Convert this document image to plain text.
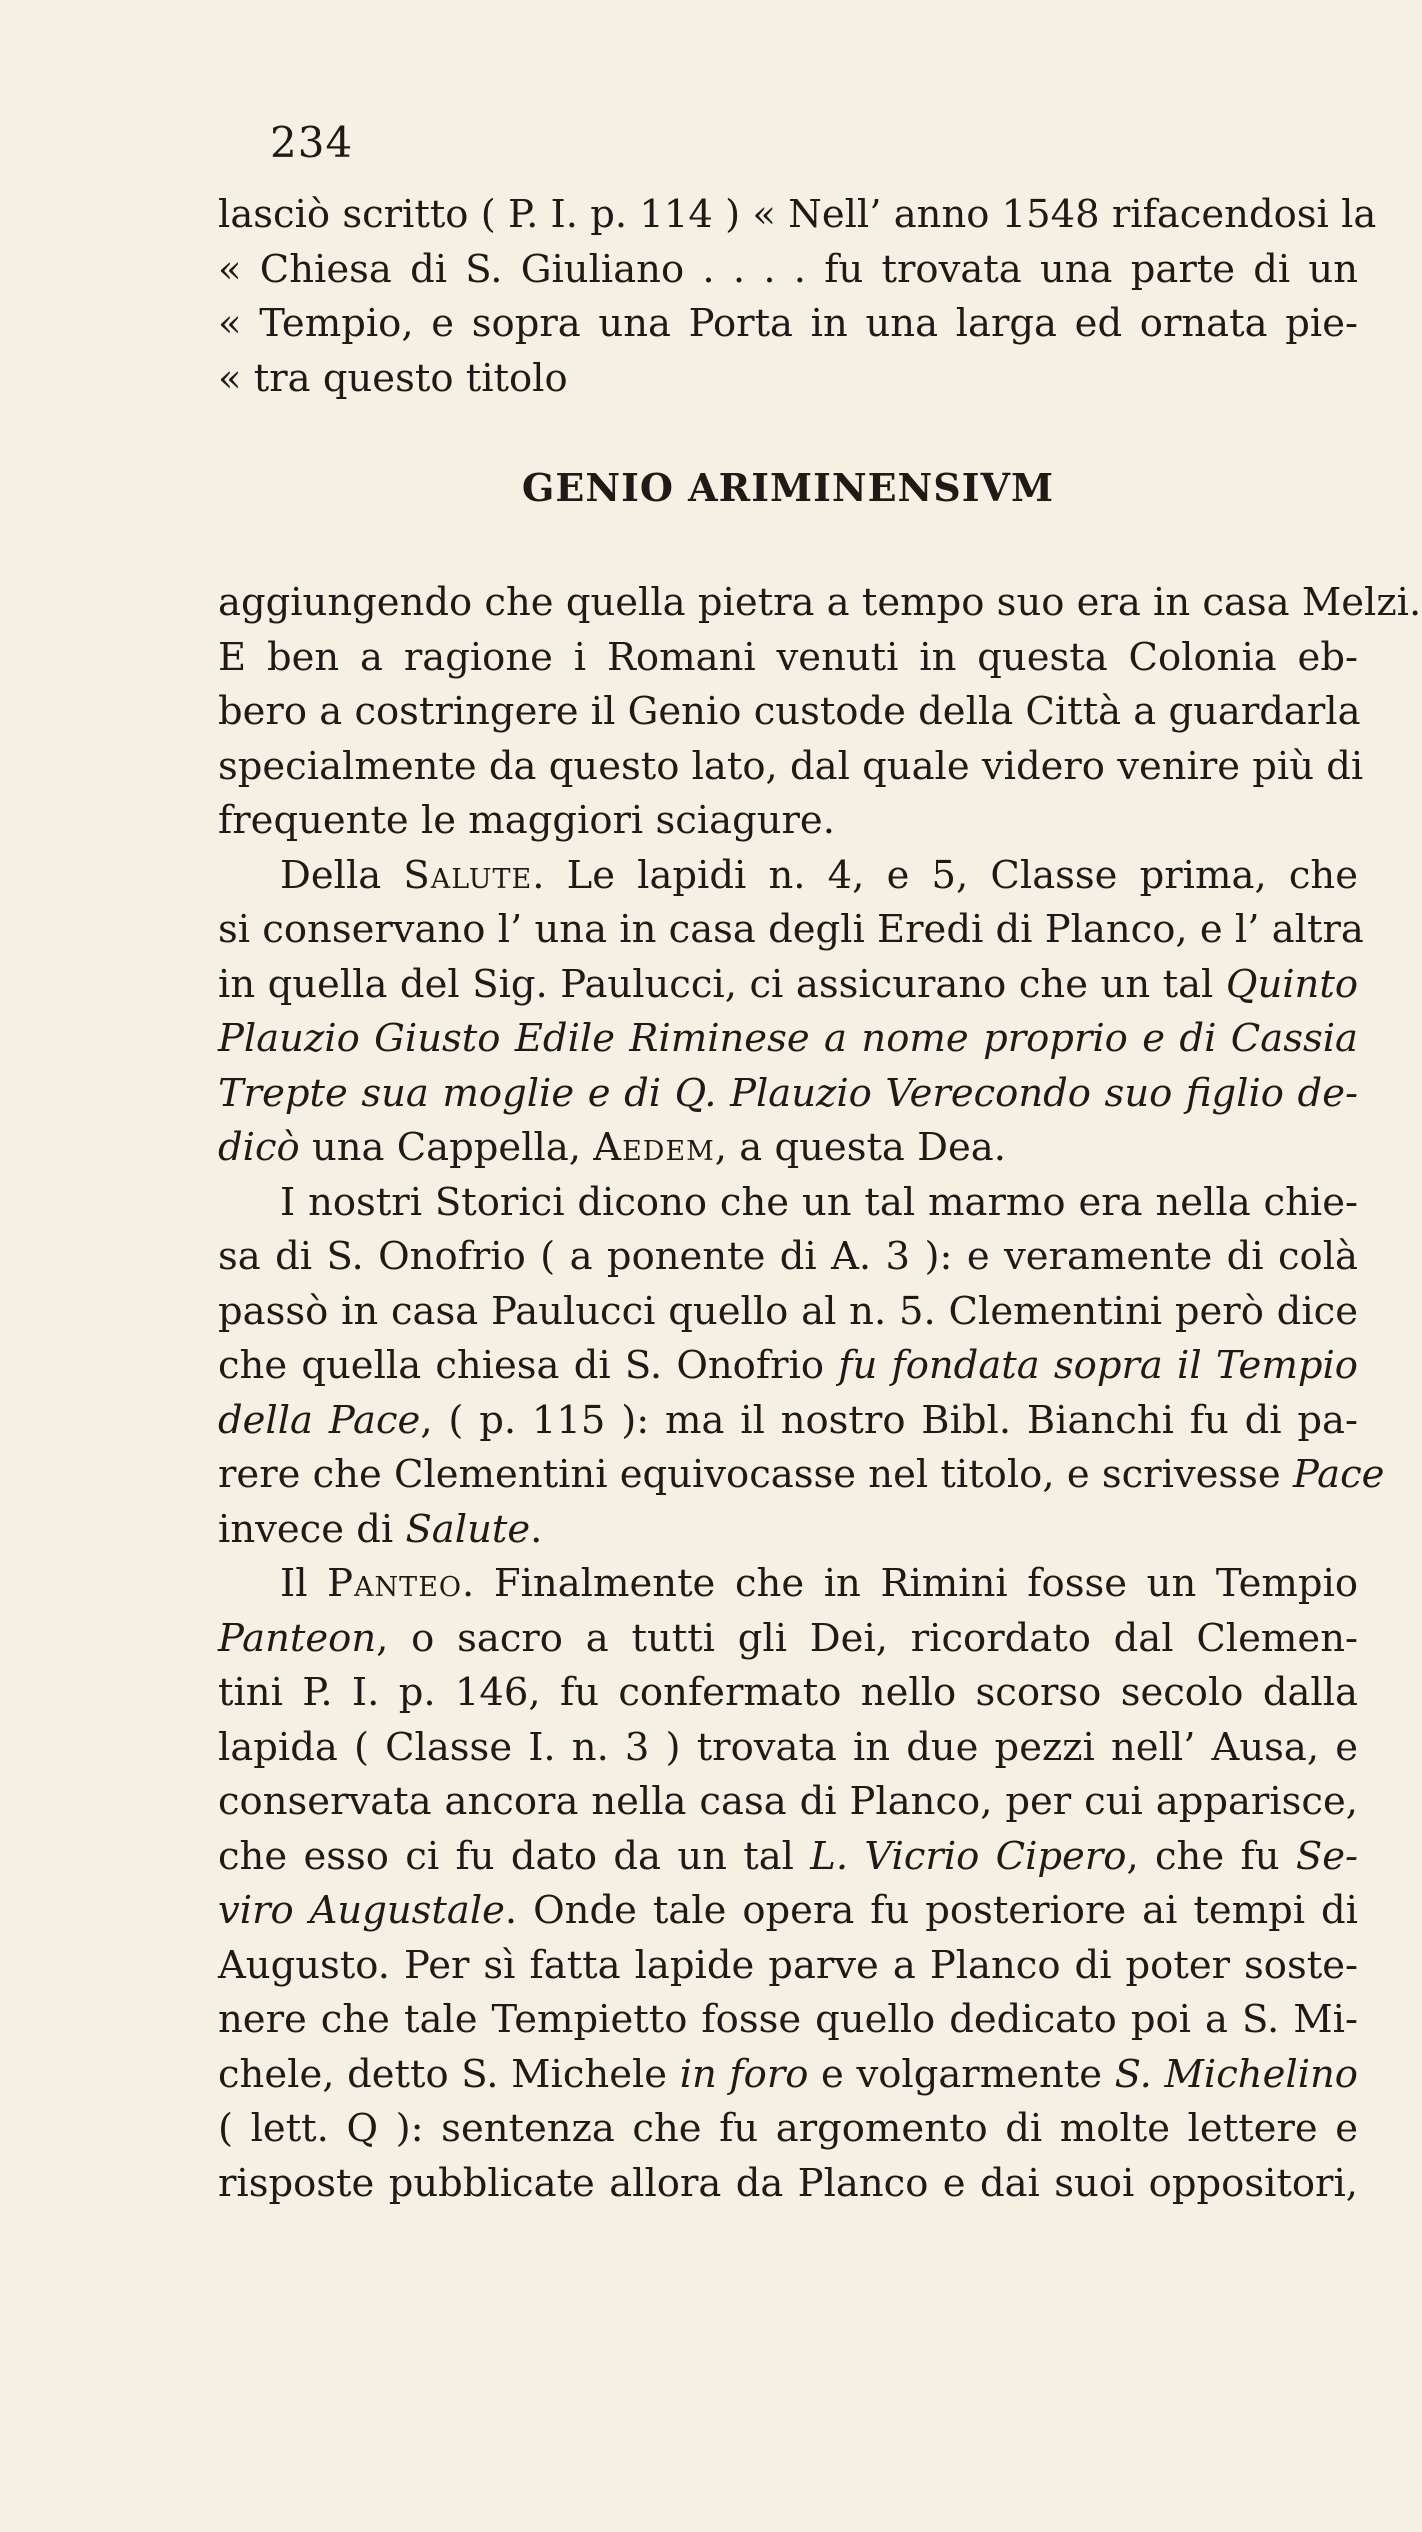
234
lasciò scritto ( P. I. p. 114 ) « Nell’ anno 1548 rifacendosi la
« Chiesa di S. Giuliano . . . . fu trovata una parte di un
« Tempio, e sopra una Porta in una larga ed ornata pie-
« tra questo titolo
GENIO ARIMINENSIVM
aggiungendo che quella pietra a tempo suo era in casa Melzi.
E ben a ragione i Romani venuti in questa Colonia eb-
bero a costringere il Genio custode della Città a guardarla
specialmente da questo lato, dal quale videro venire più di
frequente le maggiori sciagure.
Della Salute. Le lapidi n. 4, e 5, Classe prima, che
si conservano l’ una in casa degli Eredi di Planco, e l’ altra
in quella del Sig. Paulucci, ci assicurano che un tal Quinto
Plauzio Giusto Edile Riminese a nome proprio e di Cassia
Trepte sua moglie e di Q. Plauzio Verecondo suo figlio de-
dicò una Cappella, Aedem, a questa Dea.
I nostri Storici dicono che un tal marmo era nella chie-
sa di S. Onofrio ( a ponente di A. 3 ): e veramente di colà
passò in casa Paulucci quello al n. 5. Clementini però dice
che quella chiesa di S. Onofrio fu fondata sopra il Tempio
della Pace, ( p. 115 ): ma il nostro Bibl. Bianchi fu di pa-
rere che Clementini equivocasse nel titolo, e scrivesse Pace
invece di Salute.
Il Panteo. Finalmente che in Rimini fosse un Tempio
Panteon, o sacro a tutti gli Dei, ricordato dal Clemen-
tini P. I. p. 146, fu confermato nello scorso secolo dalla
lapida ( Classe I. n. 3 ) trovata in due pezzi nell’ Ausa, e
conservata ancora nella casa di Planco, per cui apparisce,
che esso ci fu dato da un tal L. Vicrio Cipero, che fu Se-
viro Augustale. Onde tale opera fu posteriore ai tempi di
Augusto. Per sì fatta lapide parve a Planco di poter soste-
nere che tale Tempietto fosse quello dedicato poi a S. Mi-
chele, detto S. Michele in foro e volgarmente S. Michelino
( lett. Q ): sentenza che fu argomento di molte lettere e
risposte pubblicate allora da Planco e dai suoi oppositori,
